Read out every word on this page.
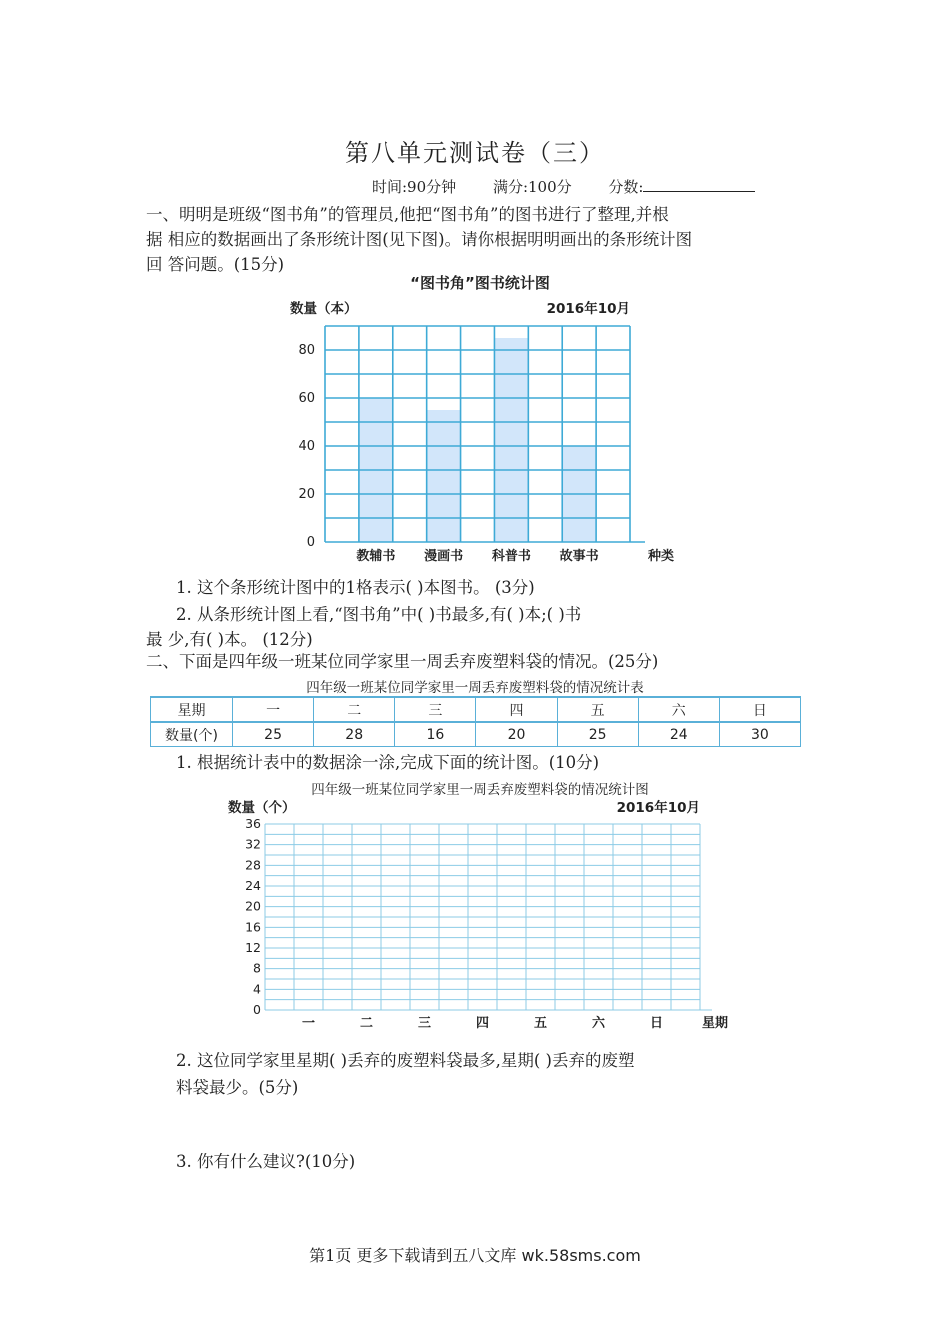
第八单元测试卷（三）
时间:90分钟 满分:100分 分数:
一、明明是班级“图书角”的管理员,他把“图书角”的图书进行了整理,并根
据 相应的数据画出了条形统计图(见下图)。请你根据明明画出的条形统计图
回 答问题。(15分)
“图书角”图书统计图
0
20
40
60
80
教辅书 漫画书 科普书 故事书	种类
数量（本）	2016年10月
1. 这个条形统计图中的1格表示( )本图书。 (3分)
2. 从条形统计图上看,“图书角”中( )书最多,有( )本;( )书
最 少,有( )本。 (12分)
二、下面是四年级一班某位同学家里一周丢弃废塑料袋的情况。(25分)
四年级一班某位同学家里一周丢弃废塑料袋的情况统计表
星期	一	二	三	四	五	六	日
数量(个)	25	28	16	20	25	24	30
1. 根据统计表中的数据涂一涂,完成下面的统计图。(10分)
四年级一班某位同学家里一周丢弃废塑料袋的情况统计图
0
4
8
12
16
20
24
28
32
36
一	二	三	四	五	六	日	星期
数量（个）	2016年10月
2. 这位同学家里星期( )丢弃的废塑料袋最多,星期( )丢弃的废塑
料袋最少。(5分)
3. 你有什么建议?(10分)
第1页 更多下载请到五八文库 wk.58sms.com
